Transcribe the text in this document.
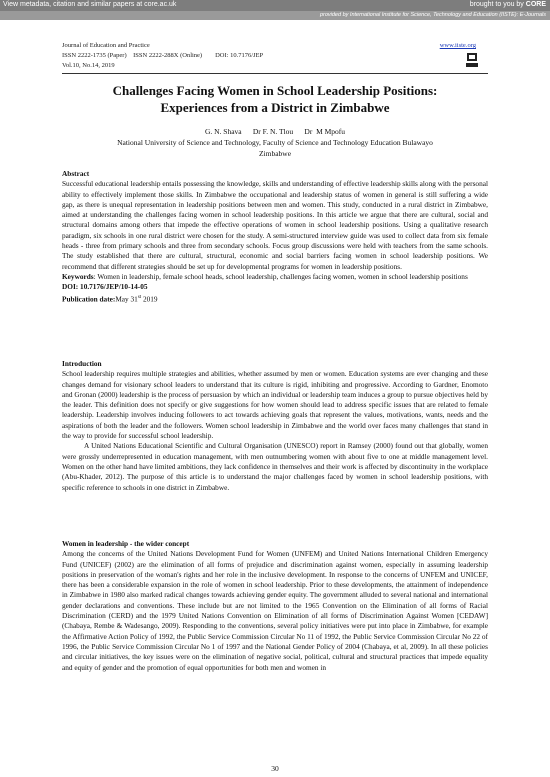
View metadata, citation and similar papers at core.ac.uk	brought to you by CORE
provided by International Institute for Science, Technology and Education (IISTE): E-Journals
Journal of Education and Practice
ISSN 2222-1735 (Paper)    ISSN 2222-288X (Online)        DOI: 10.7176/JEP
Vol.10, No.14, 2019
www.iiste.org
Challenges Facing Women in School Leadership Positions:
Experiences from a District in Zimbabwe
G. N. Shava      Dr F. N. Tlou      Dr  M Mpofu
National University of Science and Technology, Faculty of Science and Technology Education Bulawayo
Zimbabwe
Abstract

Successful educational leadership entails possessing the knowledge, skills and understanding of effective leadership skills along with the personal ability to effectively implement those skills. In Zimbabwe the occupational and leadership status of women in general is still suffering a wide gap, as there is unequal representation in leadership positions between men and women. This study, conducted in a rural district in Zimbabwe, aimed at understanding the challenges facing women in school leadership positions. In this article we argue that there are cultural, social and structural domains among others that impede the effective operations of women in school leadership positions. Using a qualitative research paradigm, six schools in one rural district were chosen for the study. A semi-structured interview guide was used to collect data from six female heads - three from primary schools and three from secondary schools. Focus group discussions were held with teachers from the same schools. The study established that there are cultural, structural, economic and social barriers facing women in school leadership positions. We recommend that different strategies should be set up for developmental programs for women in leadership positions.

Keywords: Women in leadership, female school heads, school leadership, challenges facing women, women in school leadership positions

DOI: 10.7176/JEP/10-14-05

Publication date:May 31st 2019

Introduction

School leadership requires multiple strategies and abilities, whether assumed by men or women. Education systems are ever changing and these changes demand for visionary school leaders to understand that its culture is rigid, inhibiting and progressive. According to Gardner, Enomoto and Gronan (2000) leadership is the process of persuasion by which an individual or leadership team induces a group to pursue objectives held by the leader. This definition does not specify or give suggestions for how women should lead to address specific issues that are related to female leadership. Leadership involves inducing followers to act towards achieving goals that represent the values, motivations, wants, needs and the aspirations of both the leader and the followers. Women school leadership in Zimbabwe and the world over faces many challenges that stand in the way to provide for successful school leadership.

A United Nations Educational Scientific and Cultural Organisation (UNESCO) report in Ramsey (2000) found out that globally, women were grossly underrepresented in education management, with men outnumbering women with about five to one at middle management level. Women on the other hand have limited ambitions, they lack confidence in themselves and their work is affected by discontinuity in the workplace (Abu-Khader, 2012). The purpose of this article is to understand the major challenges faced by women in school leadership positions, with specific reference to schools in one district in Zimbabwe.

Women in leadership - the wider concept

Among the concerns of the United Nations Development Fund for Women (UNFEM) and United Nations International Children Emergency Fund (UNICEF) (2002) are the elimination of all forms of prejudice and discrimination against women, especially in assuming leadership positions in preservation of the woman's rights and her role in the inclusive development. In response to the concerns of UNFEM and UNICEF, there has been a considerable expansion in the role of women in school leadership. Prior to these developments, the attainment of independence in Zimbabwe in 1980 also marked radical changes towards achieving gender equity. The government alluded to several national and international gender declarations and conventions. These include but are not limited to the 1965 Convention on the Elimination of all forms of Racial Discrimination (CERD) and the 1979 United Nations Convention on Elimination of all forms of Discrimination Against Women [CEDAW] (Chabaya, Rembe & Wadesango, 2009). Responding to the conventions, several policy initiatives were put into place in Zimbabwe, for example the Affirmative Action Policy of 1992, the Public Service Commission Circular No 11 of 1992, the Public Service Commission Circular No 22 of 1996, the Public Service Commission Circular No 1 of 1997 and the National Gender Policy of 2004 (Chabaya, et al, 2009). In all these policies and circular initiatives, the key issues were on the elimination of negative social, political, cultural and structural practices that impede equality and equity of gender and the promotion of equal opportunities for both men and women in

30
